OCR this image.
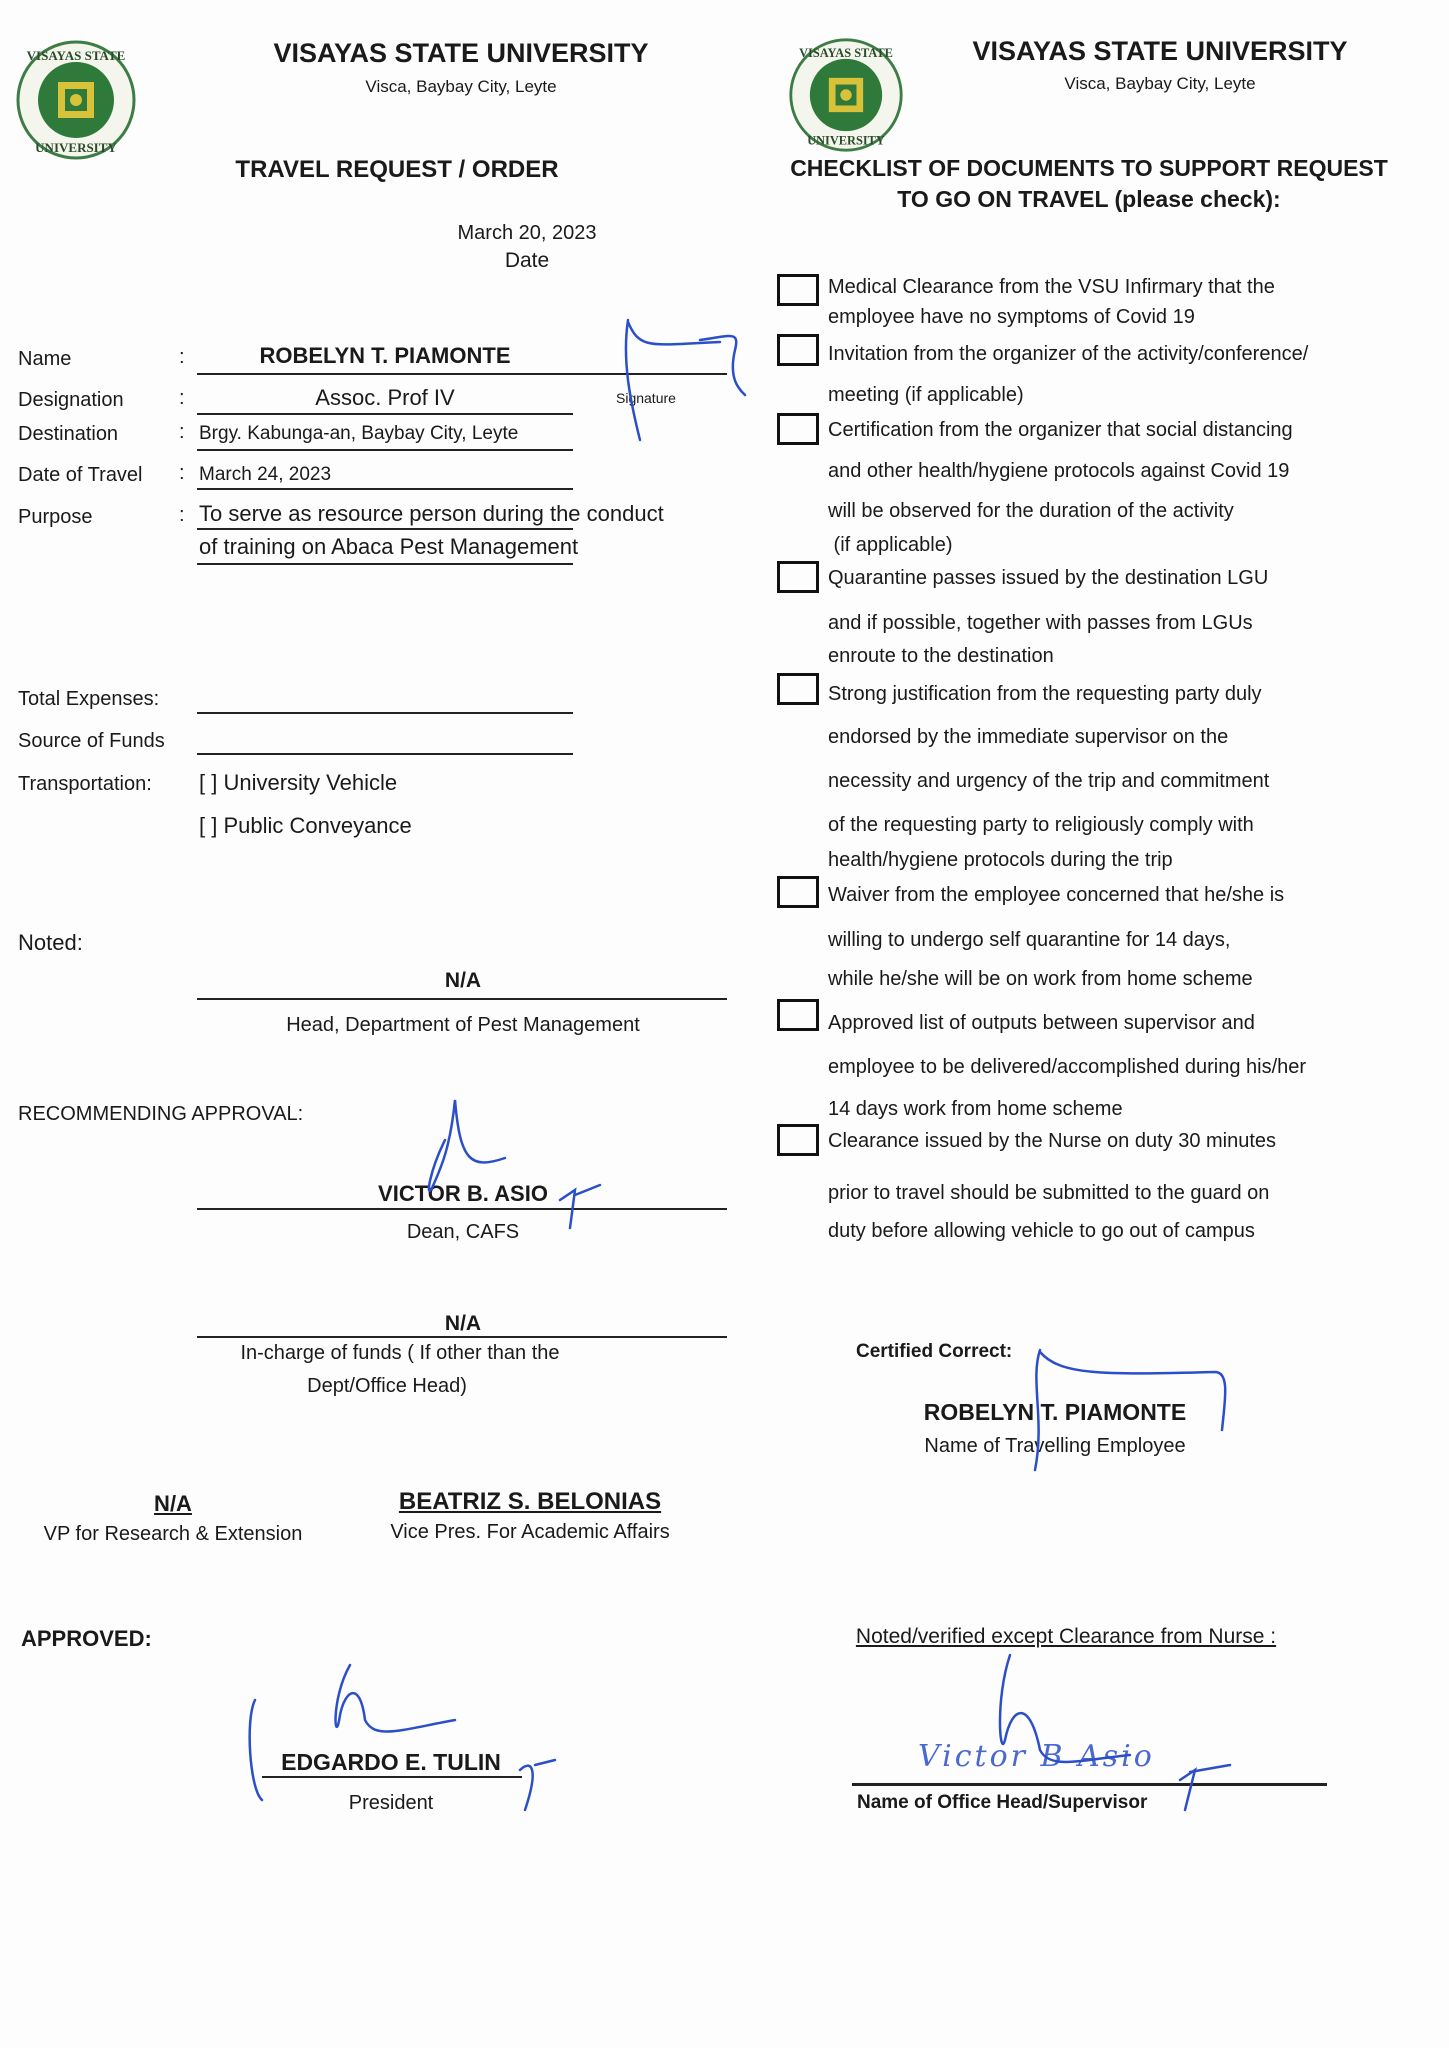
VISAYAS STATE
UNIVERSITY
VISAYAS STATE UNIVERSITY
Visca, Baybay City, Leyte
TRAVEL REQUEST / ORDER
March 20, 2023
Date
Name	:	ROBELYN T. PIAMONTE
Signature
Designation	:	Assoc. Prof IV
Destination	: Brgy. Kabunga-an, Baybay City, Leyte
Date of Travel : March 24, 2023
Purpose	: To serve as resource person during the conduct
of training on Abaca Pest Management
Total Expenses:
Source of Funds
Transportation: [ ] University Vehicle
[ ] Public Conveyance
Noted:
N/A
Head, Department of Pest Management
RECOMMENDING APPROVAL:
VICTOR B. ASIO
Dean, CAFS
N/A
In-charge of funds ( If other than the
Dept/Office Head)
N/A
VP for Research & Extension
BEATRIZ S. BELONIAS
Vice Pres. For Academic Affairs
APPROVED:
EDGARDO E. TULIN
President
VISAYAS STATE
UNIVERSITY
VISAYAS STATE UNIVERSITY
Visca, Baybay City, Leyte
CHECKLIST OF DOCUMENTS TO SUPPORT REQUEST
TO GO ON TRAVEL (please check):
Medical Clearance from the VSU Infirmary that the
employee have no symptoms of Covid 19
Invitation from the organizer of the activity/conference/
meeting (if applicable)
Certification from the organizer that social distancing
and other health/hygiene protocols against Covid 19
will be observed for the duration of the activity
(if applicable)
Quarantine passes issued by the destination LGU
and if possible, together with passes from LGUs
enroute to the destination
Strong justification from the requesting party duly
endorsed by the immediate supervisor on the
necessity and urgency of the trip and commitment
of the requesting party to religiously comply with
health/hygiene protocols during the trip
Waiver from the employee concerned that he/she is
willing to undergo self quarantine for 14 days,
while he/she will be on work from home scheme
Approved list of outputs between supervisor and
employee to be delivered/accomplished during his/her
14 days work from home scheme
Clearance issued by the Nurse on duty 30 minutes
prior to travel should be submitted to the guard on
duty before allowing vehicle to go out of campus
Certified Correct:
ROBELYN T. PIAMONTE
Name of Travelling Employee
Noted/verified except Clearance from Nurse :
Victor B Asio
Name of Office Head/Supervisor
